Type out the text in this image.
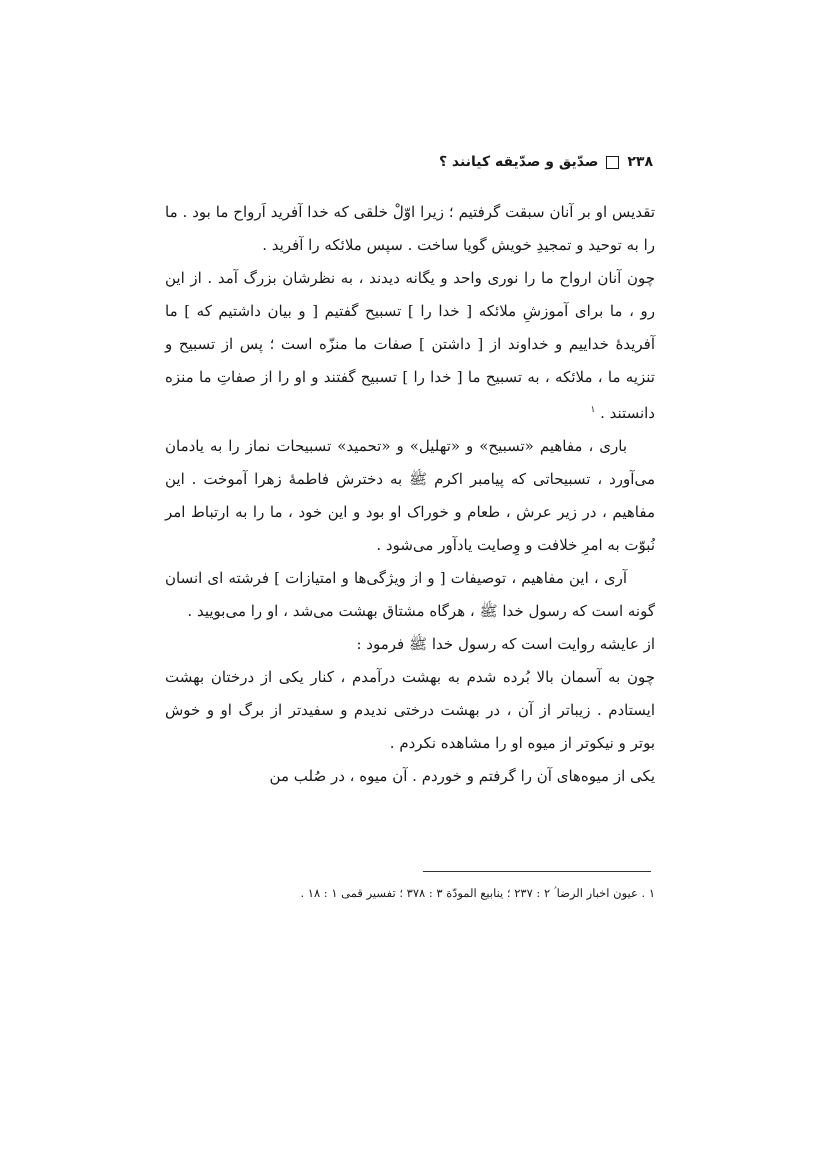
۲۳۸
صدّیق و صدّیقه کیانند ؟

تقدیس او بر آنان سبقت گرفتیم ؛ زیرا اوّلْ خلقی که خدا آفرید اَرواح ما بود . ما را به توحید و تمجیدِ خویش گویا ساخت . سپس ملائکه را آفرید .

چون آنان ارواح ما را نوری واحد و یگانه دیدند ، به نظرشان بزرگ آمد . از این رو ، ما برای آموزشِ ملائکه [ خدا را ] تسبیح گفتیم [ و بیان داشتیم که ] ما آفریدهٔ خداییم و خداوند از [ داشتن ] صفات ما منزّه است ؛ پس از تسبیح و تنزیه ما ، ملائکه ، به تسبیح ما [ خدا را ] تسبیح گفتند و او را از صفاتِ ما منزه دانستند . $^۱$

باری ، مفاهیم «تسبیح» و «تهلیل» و «تحمید» تسبیحات نماز را به یادمان می‌آورد ، تسبیحاتی که پیامبر اکرم ﷺ به دخترش فاطمهٔ زهرا آموخت . این مفاهیم ، در زیر عرش ، طعام و خوراک او بود و این خود ، ما را به ارتباط امر نُبوّت به امرِ خلافت و وِصایت یادآور می‌شود .

آری ، این مفاهیم ، توصیفات [ و از ویژگی‌ها و امتیازات ] فرشته ای انسان گونه است که رسول خدا ﷺ ، هرگاه مشتاق بهشت می‌شد ، او را می‌بویید .

از عایشه روایت است که رسول خدا ﷺ فرمود :

چون به آسمان بالا بُرده شدم به بهشت درآمدم ، کنار یکی از درختان بهشت ایستادم . زیباتر از آن ، در بهشت درختی ندیدم و سفیدتر از برگ او و خوش بوتر و نیکوتر از میوه او را مشاهده نکردم .

یکی از میوه‌های آن را گرفتم و خوردم . آن میوه ، در صُلب من

۱ . عیون اخبار الرضا ؑ ۲ : ۲۳۷ ؛ ینابیع المودّة ۳ : ۳۷۸ ؛ تفسیر قمی ۱ : ۱۸ .
